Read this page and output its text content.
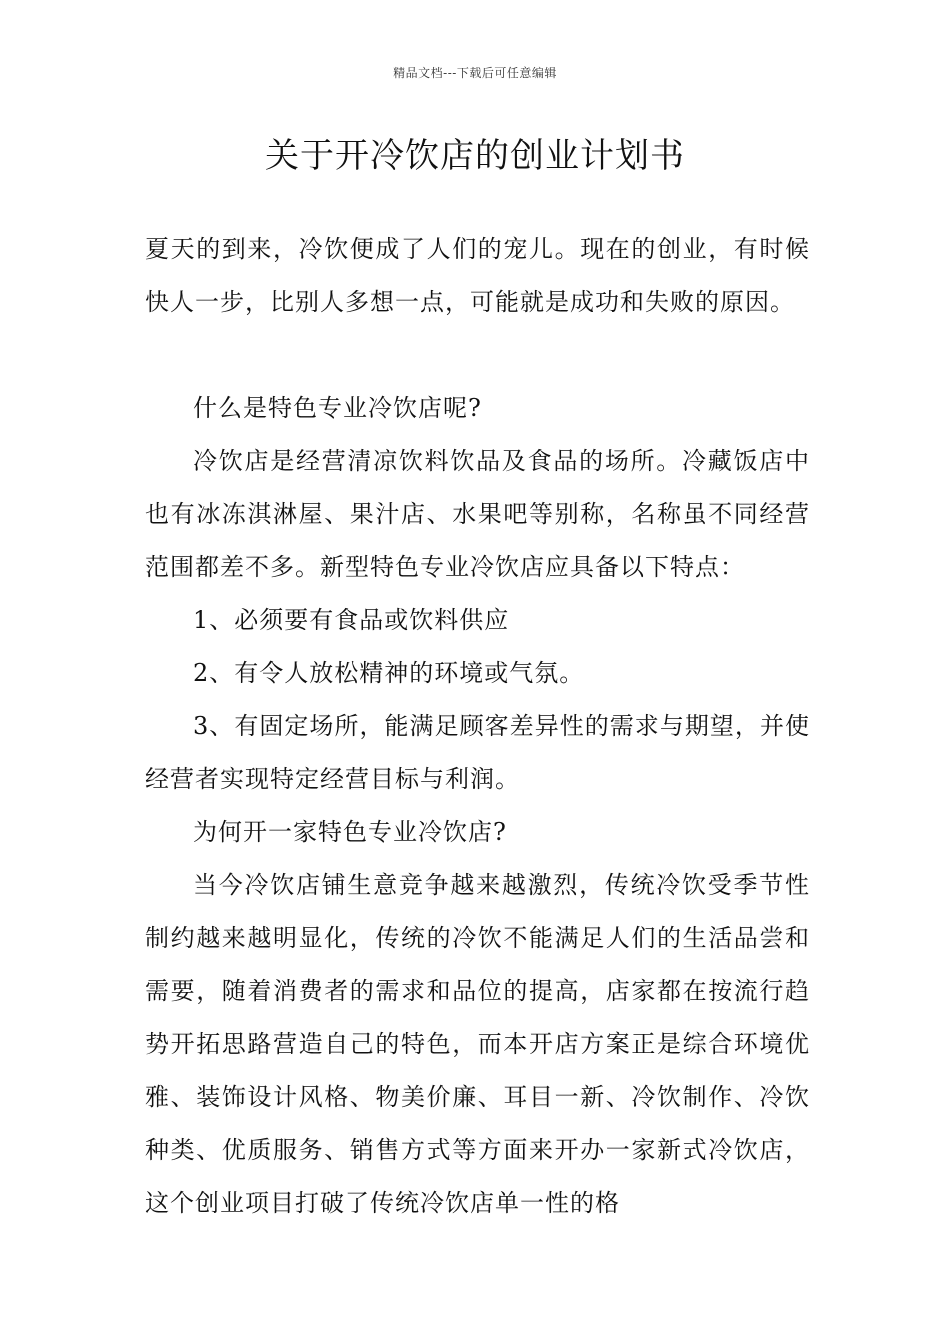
精品文档---下载后可任意编辑
关于开冷饮店的创业计划书

夏天的到来，冷饮便成了人们的宠儿。现在的创业，有时候快人一步，比别人多想一点，可能就是成功和失败的原因。

什么是特色专业冷饮店呢?

冷饮店是经营清凉饮料饮品及食品的场所。冷藏饭店中也有冰冻淇淋屋、果汁店、水果吧等别称，名称虽不同经营范围都差不多。新型特色专业冷饮店应具备以下特点：

1、必须要有食品或饮料供应

2、有令人放松精神的环境或气氛。

3、有固定场所，能满足顾客差异性的需求与期望，并使经营者实现特定经营目标与利润。

为何开一家特色专业冷饮店?

当今冷饮店铺生意竞争越来越激烈，传统冷饮受季节性制约越来越明显化，传统的冷饮不能满足人们的生活品尝和需要，随着消费者的需求和品位的提高，店家都在按流行趋势开拓思路营造自己的特色，而本开店方案正是综合环境优雅、装饰设计风格、物美价廉、耳目一新、冷饮制作、冷饮种类、优质服务、销售方式等方面来开办一家新式冷饮店，这个创业项目打破了传统冷饮店单一性的格
